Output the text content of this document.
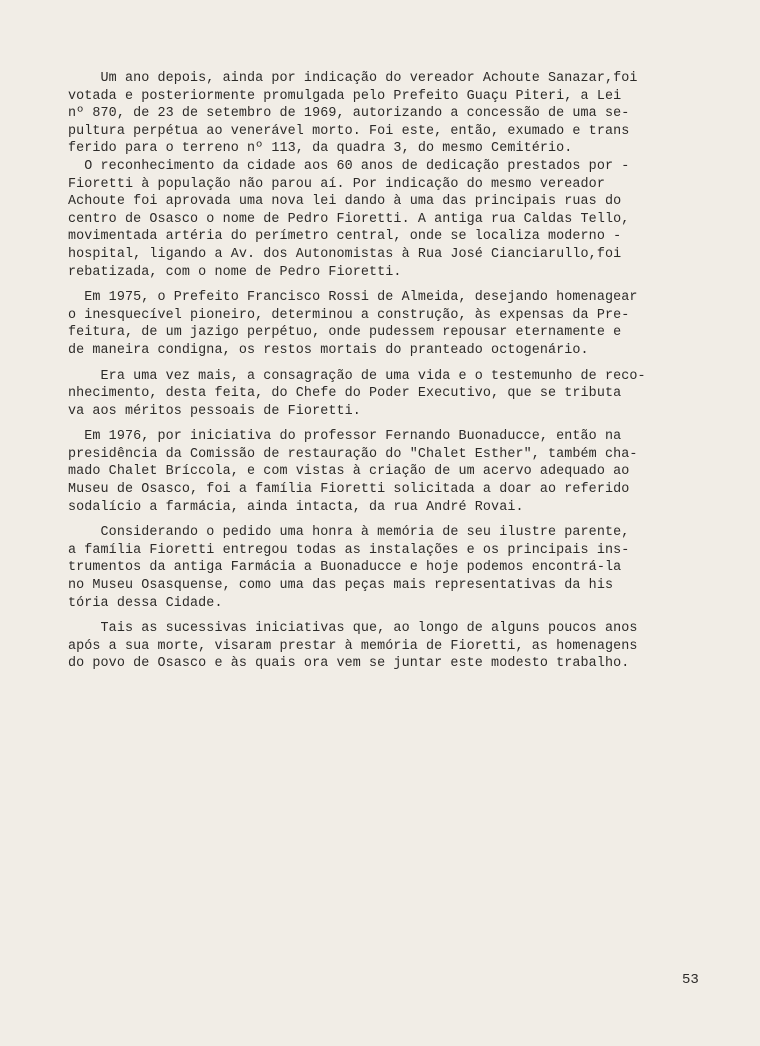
Um ano depois, ainda por indicação do vereador Achoute Sanazar,foi
votada e posteriormente promulgada pelo Prefeito Guaçu Piteri, a Lei
nº 870, de 23 de setembro de 1969, autorizando a concessão de uma se-
pultura perpétua ao venerável morto. Foi este, então, exumado e trans
ferido para o terreno nº 113, da quadra 3, do mesmo Cemitério.
O reconhecimento da cidade aos 60 anos de dedicação prestados por -
Fioretti à população não parou aí. Por indicação do mesmo vereador
Achoute foi aprovada uma nova lei dando à uma das principais ruas do
centro de Osasco o nome de Pedro Fioretti. A antiga rua Caldas Tello,
movimentada artéria do perímetro central, onde se localiza moderno -
hospital, ligando a Av. dos Autonomistas à Rua José Cianciarullo,foi
rebatizada, com o nome de Pedro Fioretti.

Em 1975, o Prefeito Francisco Rossi de Almeida, desejando homenagear
o inesquecível pioneiro, determinou a construção, às expensas da Pre-
feitura, de um jazigo perpétuo, onde pudessem repousar eternamente e
de maneira condigna, os restos mortais do pranteado octogenário.

Era uma vez mais, a consagração de uma vida e o testemunho de reco-
nhecimento, desta feita, do Chefe do Poder Executivo, que se tributa
va aos méritos pessoais de Fioretti.

Em 1976, por iniciativa do professor Fernando Buonaducce, então na
presidência da Comissão de restauração do "Chalet Esther", também cha-
mado Chalet Bríccola, e com vistas à criação de um acervo adequado ao
Museu de Osasco, foi a família Fioretti solicitada a doar ao referido
sodalício a farmácia, ainda intacta, da rua André Rovai.

Considerando o pedido uma honra à memória de seu ilustre parente,
a família Fioretti entregou todas as instalações e os principais ins-
trumentos da antiga Farmácia a Buonaducce e hoje podemos encontrá-la
no Museu Osasquense, como uma das peças mais representativas da his
tória dessa Cidade.

Tais as sucessivas iniciativas que, ao longo de alguns poucos anos
após a sua morte, visaram prestar à memória de Fioretti, as homenagens
do povo de Osasco e às quais ora vem se juntar este modesto trabalho.

53
